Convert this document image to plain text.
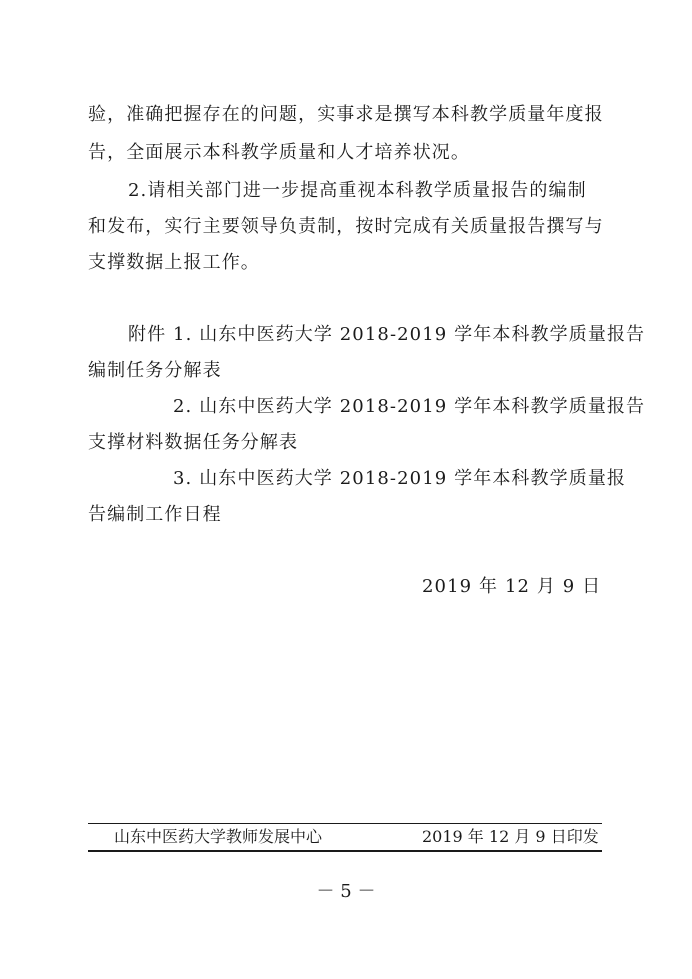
验，准确把握存在的问题，实事求是撰写本科教学质量年度报
告，全面展示本科教学质量和人才培养状况。
2.请相关部门进一步提高重视本科教学质量报告的编制
和发布，实行主要领导负责制，按时完成有关质量报告撰写与
支撑数据上报工作。
附件 1. 山东中医药大学 2018-2019 学年本科教学质量报告
编制任务分解表
2. 山东中医药大学 2018-2019 学年本科教学质量报告
支撑材料数据任务分解表
3. 山东中医药大学 2018-2019 学年本科教学质量报
告编制工作日程
2019 年 12 月 9 日
山东中医药大学教师发展中心	2019 年 12 月 9 日印发
－ 5 －
